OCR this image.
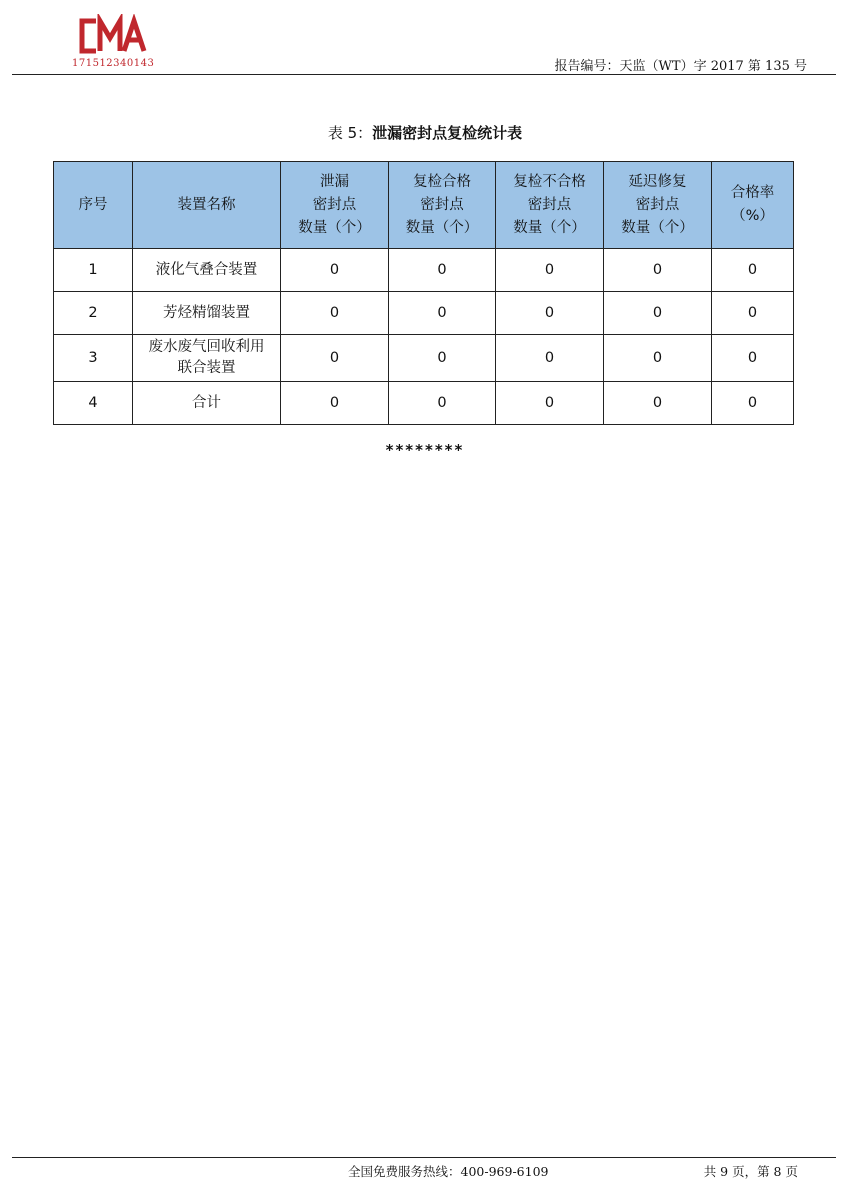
171512340143	报告编号：天监（WT）字 2017 第 135 号
表 5：泄漏密封点复检统计表
序号	装置名称	泄漏
密封点
数量（个）	复检合格
密封点
数量（个）	复检不合格
密封点
数量（个）	延迟修复
密封点
数量（个）	合格率
（%）
1	液化气叠合装置	0	0	0	0	0
2	芳烃精馏装置	0	0	0	0	0
3	废水废气回收利用
联合装置	0	0	0	0	0
4	合计	0	0	0	0	0
********
全国免费服务热线：400-969-6109	共 9 页，第 8 页
